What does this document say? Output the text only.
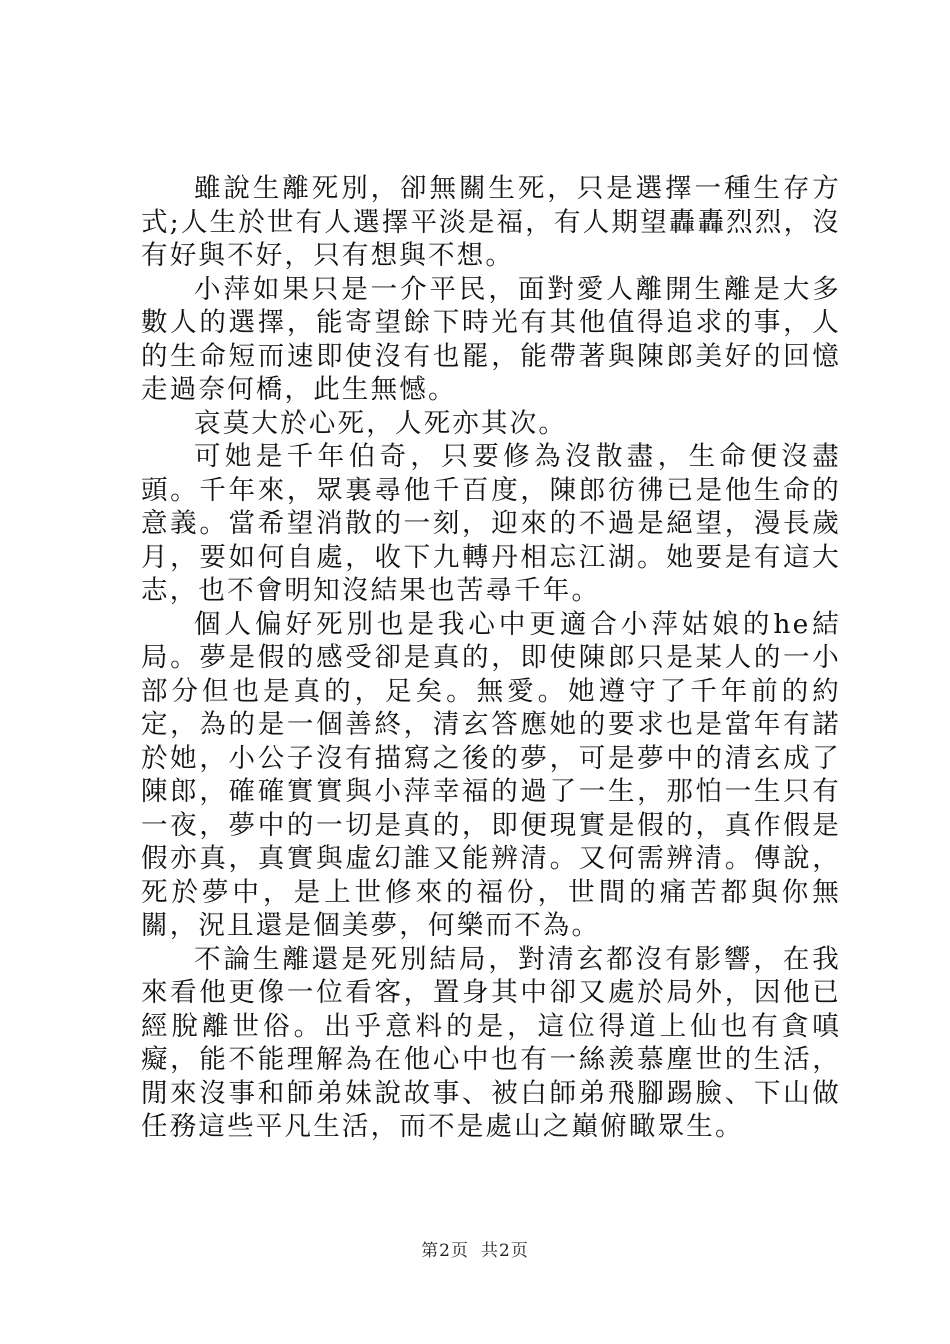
雖說生離死別，卻無關生死，只是選擇一種生存方式;人生於世有人選擇平淡是福，有人期望轟轟烈烈，沒有好與不好，只有想與不想。

小萍如果只是一介平民，面對愛人離開生離是大多數人的選擇，能寄望餘下時光有其他值得追求的事，人的生命短而速即使沒有也罷，能帶著與陳郎美好的回憶走過奈何橋，此生無憾。

哀莫大於心死，人死亦其次。

可她是千年伯奇，只要修為沒散盡，生命便沒盡頭。千年來，眾裏尋他千百度，陳郎彷彿已是他生命的意義。當希望消散的一刻，迎來的不過是絕望，漫長歲月，要如何自處，收下九轉丹相忘江湖。她要是有這大志，也不會明知沒結果也苦尋千年。

個人偏好死別也是我心中更適合小萍姑娘的he結局。夢是假的感受卻是真的，即使陳郎只是某人的一小部分但也是真的，足矣。無愛。她遵守了千年前的約定，為的是一個善終，清玄答應她的要求也是當年有諾於她，小公子沒有描寫之後的夢，可是夢中的清玄成了陳郎，確確實實與小萍幸福的過了一生，那怕一生只有一夜，夢中的一切是真的，即便現實是假的，真作假是假亦真，真實與虛幻誰又能辨清。又何需辨清。傳說，死於夢中，是上世修來的福份，世間的痛苦都與你無關，況且還是個美夢，何樂而不為。

不論生離還是死別結局，對清玄都沒有影響，在我來看他更像一位看客，置身其中卻又處於局外，因他已經脫離世俗。出乎意料的是，這位得道上仙也有貪嗔癡，能不能理解為在他心中也有一絲羨慕塵世的生活，閒來沒事和師弟妹說故事、被白師弟飛腳踢臉、下山做任務這些平凡生活，而不是處山之巔俯瞰眾生。

第2页 共2页
